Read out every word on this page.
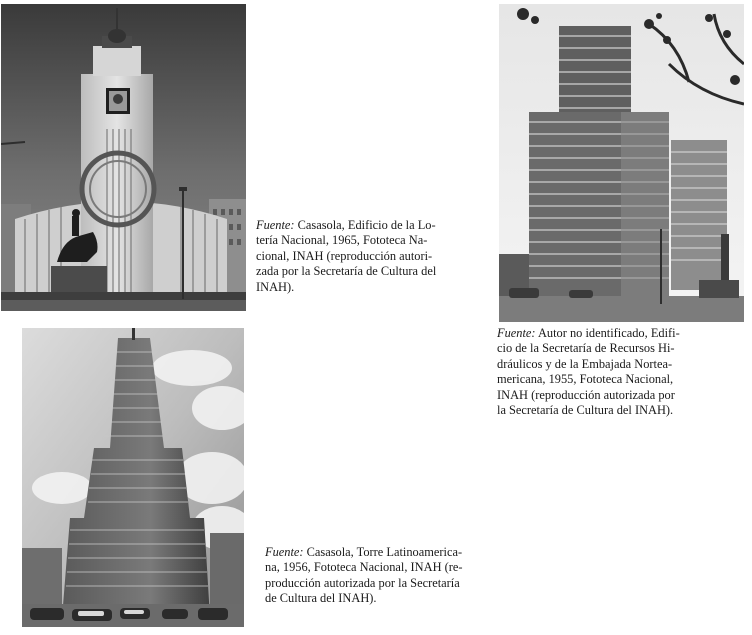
Fuente: Casasola, Edificio de la Lo-
tería Nacional, 1965, Fototeca Na-
cional, INAH (reproducción autori-
zada por la Secretaría de Cultura del
INAH).
Fuente: Autor no identificado, Edifi-
cio de la Secretaría de Recursos Hi-
dráulicos y de la Embajada Nortea-
mericana, 1955, Fototeca Nacional,
INAH (reproducción autorizada por
la Secretaría de Cultura del INAH).
Fuente: Casasola, Torre Latinoamerica-
na, 1956, Fototeca Nacional, INAH (re-
producción autorizada por la Secretaría
de Cultura del INAH).
